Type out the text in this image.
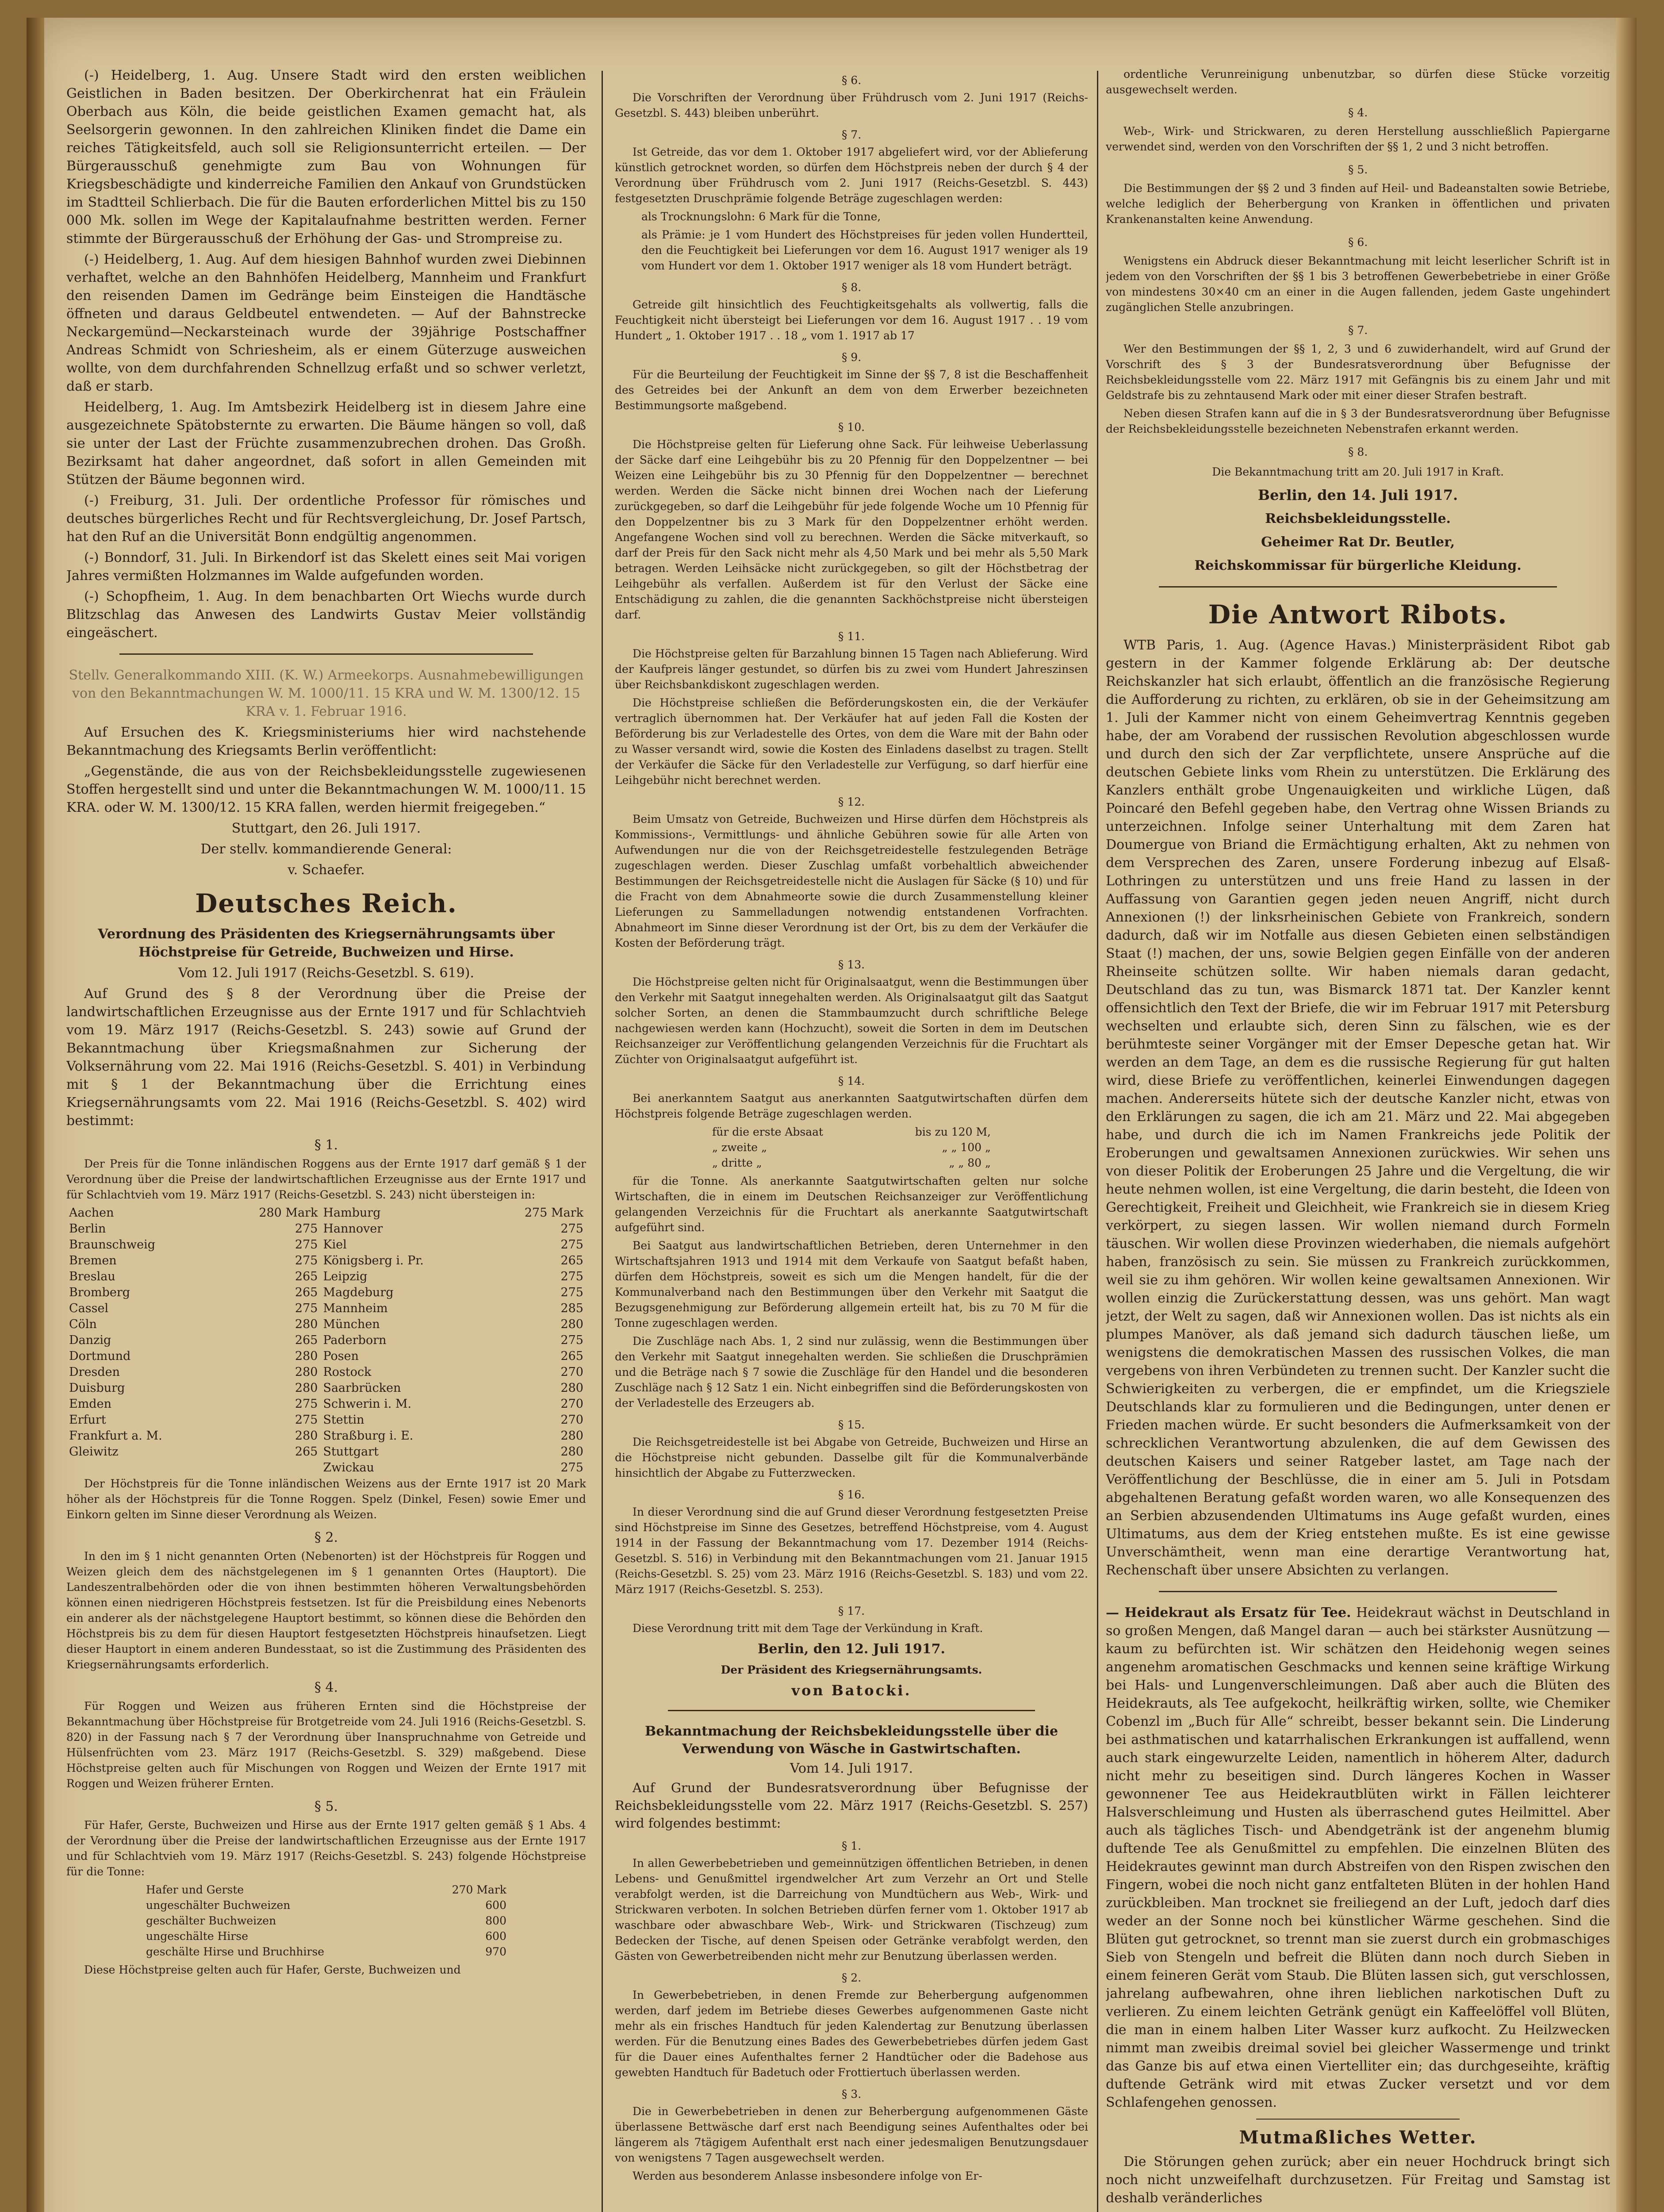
(-) Heidelberg, 1. Aug. Unsere Stadt wird den ersten weiblichen Geistlichen in Baden besitzen. Der Oberkirchenrat hat ein Fräulein Oberbach aus Köln, die beide geistlichen Examen gemacht hat, als Seelsorgerin gewonnen. In den zahlreichen Kliniken findet die Dame ein reiches Tätigkeitsfeld, auch soll sie Religionsunterricht erteilen. — Der Bürgerausschuß genehmigte zum Bau von Wohnungen für Kriegsbeschädigte und kinderreiche Familien den Ankauf von Grundstücken im Stadtteil Schlierbach. Die für die Bauten erforderlichen Mittel bis zu 150 000 Mk. sollen im Wege der Kapitalaufnahme bestritten werden. Ferner stimmte der Bürgerausschuß der Erhöhung der Gas- und Strompreise zu.

(-) Heidelberg, 1. Aug. Auf dem hiesigen Bahnhof wurden zwei Diebinnen verhaftet, welche an den Bahnhöfen Heidelberg, Mannheim und Frankfurt den reisenden Damen im Gedränge beim Einsteigen die Handtäsche öffneten und daraus Geldbeutel entwendeten. — Auf der Bahnstrecke Neckargemünd—Neckarsteinach wurde der 39jährige Postschaffner Andreas Schmidt von Schriesheim, als er einem Güterzuge ausweichen wollte, von dem durchfahrenden Schnellzug erfaßt und so schwer verletzt, daß er starb.

Heidelberg, 1. Aug. Im Amtsbezirk Heidelberg ist in diesem Jahre eine ausgezeichnete Spätobsternte zu erwarten. Die Bäume hängen so voll, daß sie unter der Last der Früchte zusammenzubrechen drohen. Das Großh. Bezirksamt hat daher angeordnet, daß sofort in allen Gemeinden mit Stützen der Bäume begonnen wird.

(-) Freiburg, 31. Juli. Der ordentliche Professor für römisches und deutsches bürgerliches Recht und für Rechtsvergleichung, Dr. Josef Partsch, hat den Ruf an die Universität Bonn endgültig angenommen.

(-) Bonndorf, 31. Juli. In Birkendorf ist das Skelett eines seit Mai vorigen Jahres vermißten Holzmannes im Walde aufgefunden worden.

(-) Schopfheim, 1. Aug. In dem benachbarten Ort Wiechs wurde durch Blitzschlag das Anwesen des Landwirts Gustav Meier vollständig eingeäschert.

Stellv. Generalkommando XIII. (K. W.) Armeekorps. Ausnahmebewilligungen von den Bekanntmachungen W. M. 1000/11. 15 KRA und W. M. 1300/12. 15 KRA v. 1. Februar 1916.

Auf Ersuchen des K. Kriegsministeriums hier wird nachstehende Bekanntmachung des Kriegsamts Berlin veröffentlicht:

„Gegenstände, die aus von der Reichsbekleidungsstelle zugewiesenen Stoffen hergestellt sind und unter die Bekanntmachungen W. M. 1000/11. 15 KRA. oder W. M. 1300/12. 15 KRA fallen, werden hiermit freigegeben.“

Stuttgart, den 26. Juli 1917.

Der stellv. kommandierende General:

v. Schaefer.

Deutsches Reich.
Verordnung des Präsidenten des Kriegsernährungsamts über Höchstpreise für Getreide, Buchweizen und Hirse.

Vom 12. Juli 1917 (Reichs-Gesetzbl. S. 619).

Auf Grund des § 8 der Verordnung über die Preise der landwirtschaftlichen Erzeugnisse aus der Ernte 1917 und für Schlachtvieh vom 19. März 1917 (Reichs-Gesetzbl. S. 243) sowie auf Grund der Bekanntmachung über Kriegsmaßnahmen zur Sicherung der Volksernährung vom 22. Mai 1916 (Reichs-Gesetzbl. S. 401) in Verbindung mit § 1 der Bekanntmachung über die Errichtung eines Kriegsernährungsamts vom 22. Mai 1916 (Reichs-Gesetzbl. S. 402) wird bestimmt:

§ 1.

Der Preis für die Tonne inländischen Roggens aus der Ernte 1917 darf gemäß § 1 der Verordnung über die Preise der landwirtschaftlichen Erzeugnisse aus der Ernte 1917 und für Schlachtvieh vom 19. März 1917 (Reichs-Gesetzbl. S. 243) nicht übersteigen in:

Aachen	280 Mark	Hamburg	275 Mark
Berlin	275	Hannover	275
Braunschweig	275	Kiel	275
Bremen	275	Königsberg i. Pr.	265
Breslau	265	Leipzig	275
Bromberg	265	Magdeburg	275
Cassel	275	Mannheim	285
Cöln	280	München	280
Danzig	265	Paderborn	275
Dortmund	280	Posen	265
Dresden	280	Rostock	270
Duisburg	280	Saarbrücken	280
Emden	275	Schwerin i. M.	270
Erfurt	275	Stettin	270
Frankfurt a. M.	280	Straßburg i. E.	280
Gleiwitz	265	Stuttgart	280
		Zwickau	275

Der Höchstpreis für die Tonne inländischen Weizens aus der Ernte 1917 ist 20 Mark höher als der Höchstpreis für die Tonne Roggen. Spelz (Dinkel, Fesen) sowie Emer und Einkorn gelten im Sinne dieser Verordnung als Weizen.

§ 2.

In den im § 1 nicht genannten Orten (Nebenorten) ist der Höchstpreis für Roggen und Weizen gleich dem des nächstgelegenen im § 1 genannten Ortes (Hauptort). Die Landeszentralbehörden oder die von ihnen bestimmten höheren Verwaltungsbehörden können einen niedrigeren Höchstpreis festsetzen. Ist für die Preisbildung eines Nebenorts ein anderer als der nächstgelegene Hauptort bestimmt, so können diese die Behörden den Höchstpreis bis zu dem für diesen Hauptort festgesetzten Höchstpreis hinaufsetzen. Liegt dieser Hauptort in einem anderen Bundesstaat, so ist die Zustimmung des Präsidenten des Kriegsernährungsamts erforderlich.

§ 4.

Für Roggen und Weizen aus früheren Ernten sind die Höchstpreise der Bekanntmachung über Höchstpreise für Brotgetreide vom 24. Juli 1916 (Reichs-Gesetzbl. S. 820) in der Fassung nach § 7 der Verordnung über Inanspruchnahme von Getreide und Hülsenfrüchten vom 23. März 1917 (Reichs-Gesetzbl. S. 329) maßgebend. Diese Höchstpreise gelten auch für Mischungen von Roggen und Weizen der Ernte 1917 mit Roggen und Weizen früherer Ernten.

§ 5.

Für Hafer, Gerste, Buchweizen und Hirse aus der Ernte 1917 gelten gemäß § 1 Abs. 4 der Verordnung über die Preise der landwirtschaftlichen Erzeugnisse aus der Ernte 1917 und für Schlachtvieh vom 19. März 1917 (Reichs-Gesetzbl. S. 243) folgende Höchstpreise für die Tonne:

Hafer und Gerste	270 Mark
ungeschälter Buchweizen	600
geschälter Buchweizen	800
ungeschälte Hirse	600
geschälte Hirse und Bruchhirse	970

Diese Höchstpreise gelten auch für Hafer, Gerste, Buchweizen und

§ 6.

Die Vorschriften der Verordnung über Frühdrusch vom 2. Juni 1917 (Reichs-Gesetzbl. S. 443) bleiben unberührt.

§ 7.

Ist Getreide, das vor dem 1. Oktober 1917 abgeliefert wird, vor der Ablieferung künstlich getrocknet worden, so dürfen dem Höchstpreis neben der durch § 4 der Verordnung über Frühdrusch vom 2. Juni 1917 (Reichs-Gesetzbl. S. 443) festgesetzten Druschprämie folgende Beträge zugeschlagen werden:

als Trocknungslohn: 6 Mark für die Tonne,

als Prämie: je 1 vom Hundert des Höchstpreises für jeden vollen Hundertteil, den die Feuchtigkeit bei Lieferungen vor dem 16. August 1917 weniger als 19 vom Hundert vor dem 1. Oktober 1917 weniger als 18 vom Hundert beträgt.

§ 8.

Getreide gilt hinsichtlich des Feuchtigkeitsgehalts als vollwertig, falls die Feuchtigkeit nicht übersteigt bei Lieferungen vor dem 16. August 1917 . . 19 vom Hundert „ 1. Oktober 1917 . . 18 „ vom 1. 1917 ab 17

§ 9.

Für die Beurteilung der Feuchtigkeit im Sinne der §§ 7, 8 ist die Beschaffenheit des Getreides bei der Ankunft an dem von dem Erwerber bezeichneten Bestimmungsorte maßgebend.

§ 10.

Die Höchstpreise gelten für Lieferung ohne Sack. Für leihweise Ueberlassung der Säcke darf eine Leihgebühr bis zu 20 Pfennig für den Doppelzentner — bei Weizen eine Leihgebühr bis zu 30 Pfennig für den Doppelzentner — berechnet werden. Werden die Säcke nicht binnen drei Wochen nach der Lieferung zurückgegeben, so darf die Leihgebühr für jede folgende Woche um 10 Pfennig für den Doppelzentner bis zu 3 Mark für den Doppelzentner erhöht werden. Angefangene Wochen sind voll zu berechnen. Werden die Säcke mitverkauft, so darf der Preis für den Sack nicht mehr als 4,50 Mark und bei mehr als 5,50 Mark betragen. Werden Leihsäcke nicht zurückgegeben, so gilt der Höchstbetrag der Leihgebühr als verfallen. Außerdem ist für den Verlust der Säcke eine Entschädigung zu zahlen, die die genannten Sackhöchstpreise nicht übersteigen darf.

§ 11.

Die Höchstpreise gelten für Barzahlung binnen 15 Tagen nach Ablieferung. Wird der Kaufpreis länger gestundet, so dürfen bis zu zwei vom Hundert Jahreszinsen über Reichsbankdiskont zugeschlagen werden.

Die Höchstpreise schließen die Beförderungskosten ein, die der Verkäufer vertraglich übernommen hat. Der Verkäufer hat auf jeden Fall die Kosten der Beförderung bis zur Verladestelle des Ortes, von dem die Ware mit der Bahn oder zu Wasser versandt wird, sowie die Kosten des Einladens daselbst zu tragen. Stellt der Verkäufer die Säcke für den Verladestelle zur Verfügung, so darf hierfür eine Leihgebühr nicht berechnet werden.

§ 12.

Beim Umsatz von Getreide, Buchweizen und Hirse dürfen dem Höchstpreis als Kommissions-, Vermittlungs- und ähnliche Gebühren sowie für alle Arten von Aufwendungen nur die von der Reichsgetreidestelle festzulegenden Beträge zugeschlagen werden. Dieser Zuschlag umfaßt vorbehaltlich abweichender Bestimmungen der Reichsgetreidestelle nicht die Auslagen für Säcke (§ 10) und für die Fracht von dem Abnahmeorte sowie die durch Zusammenstellung kleiner Lieferungen zu Sammelladungen notwendig entstandenen Vorfrachten. Abnahmeort im Sinne dieser Verordnung ist der Ort, bis zu dem der Verkäufer die Kosten der Beförderung trägt.

§ 13.

Die Höchstpreise gelten nicht für Originalsaatgut, wenn die Bestimmungen über den Verkehr mit Saatgut innegehalten werden. Als Originalsaatgut gilt das Saatgut solcher Sorten, an denen die Stammbaumzucht durch schriftliche Belege nachgewiesen werden kann (Hochzucht), soweit die Sorten in dem im Deutschen Reichsanzeiger zur Veröffentlichung gelangenden Verzeichnis für die Fruchtart als Züchter von Originalsaatgut aufgeführt ist.

§ 14.

Bei anerkanntem Saatgut aus anerkannten Saatgutwirtschaften dürfen dem Höchstpreis folgende Beträge zugeschlagen werden.

für die erste Absaat	bis zu 120 M,
„ zweite „	„ „ 100 „
„ dritte „	„ „ 80 „

für die Tonne. Als anerkannte Saatgutwirtschaften gelten nur solche Wirtschaften, die in einem im Deutschen Reichsanzeiger zur Veröffentlichung gelangenden Verzeichnis für die Fruchtart als anerkannte Saatgutwirtschaft aufgeführt sind.

Bei Saatgut aus landwirtschaftlichen Betrieben, deren Unternehmer in den Wirtschaftsjahren 1913 und 1914 mit dem Verkaufe von Saatgut befaßt haben, dürfen dem Höchstpreis, soweit es sich um die Mengen handelt, für die der Kommunalverband nach den Bestimmungen über den Verkehr mit Saatgut die Bezugsgenehmigung zur Beförderung allgemein erteilt hat, bis zu 70 M für die Tonne zugeschlagen werden.

Die Zuschläge nach Abs. 1, 2 sind nur zulässig, wenn die Bestimmungen über den Verkehr mit Saatgut innegehalten werden. Sie schließen die Druschprämien und die Beträge nach § 7 sowie die Zuschläge für den Handel und die besonderen Zuschläge nach § 12 Satz 1 ein. Nicht einbegriffen sind die Beförderungskosten von der Verladestelle des Erzeugers ab.

§ 15.

Die Reichsgetreidestelle ist bei Abgabe von Getreide, Buchweizen und Hirse an die Höchstpreise nicht gebunden. Dasselbe gilt für die Kommunalverbände hinsichtlich der Abgabe zu Futterzwecken.

§ 16.

In dieser Verordnung sind die auf Grund dieser Verordnung festgesetzten Preise sind Höchstpreise im Sinne des Gesetzes, betreffend Höchstpreise, vom 4. August 1914 in der Fassung der Bekanntmachung vom 17. Dezember 1914 (Reichs-Gesetzbl. S. 516) in Verbindung mit den Bekanntmachungen vom 21. Januar 1915 (Reichs-Gesetzbl. S. 25) vom 23. März 1916 (Reichs-Gesetzbl. S. 183) und vom 22. März 1917 (Reichs-Gesetzbl. S. 253).

§ 17.

Diese Verordnung tritt mit dem Tage der Verkündung in Kraft.

Berlin, den 12. Juli 1917.

Der Präsident des Kriegsernährungsamts.

von Batocki.

Bekanntmachung der Reichsbekleidungsstelle über die Verwendung von Wäsche in Gastwirtschaften.

Vom 14. Juli 1917.

Auf Grund der Bundesratsverordnung über Befugnisse der Reichsbekleidungsstelle vom 22. März 1917 (Reichs-Gesetzbl. S. 257) wird folgendes bestimmt:

§ 1.

In allen Gewerbebetrieben und gemeinnützigen öffentlichen Betrieben, in denen Lebens- und Genußmittel irgendwelcher Art zum Verzehr an Ort und Stelle verabfolgt werden, ist die Darreichung von Mundtüchern aus Web-, Wirk- und Strickwaren verboten. In solchen Betrieben dürfen ferner vom 1. Oktober 1917 ab waschbare oder abwaschbare Web-, Wirk- und Strickwaren (Tischzeug) zum Bedecken der Tische, auf denen Speisen oder Getränke verabfolgt werden, den Gästen von Gewerbetreibenden nicht mehr zur Benutzung überlassen werden.

§ 2.

In Gewerbebetrieben, in denen Fremde zur Beherbergung aufgenommen werden, darf jedem im Betriebe dieses Gewerbes aufgenommenen Gaste nicht mehr als ein frisches Handtuch für jeden Kalendertag zur Benutzung überlassen werden. Für die Benutzung eines Bades des Gewerbebetriebes dürfen jedem Gast für die Dauer eines Aufenthaltes ferner 2 Handtücher oder die Badehose aus gewebten Handtuch für Badetuch oder Frottiertuch überlassen werden.

§ 3.

Die in Gewerbebetrieben in denen zur Beherbergung aufgenommenen Gäste überlassene Bettwäsche darf erst nach Beendigung seines Aufenthaltes oder bei längerem als 7tägigem Aufenthalt erst nach einer jedesmaligen Benutzungsdauer von wenigstens 7 Tagen ausgewechselt werden.

Werden aus besonderem Anlasse insbesondere infolge von Er-

ordentliche Verunreinigung unbenutzbar, so dürfen diese Stücke vorzeitig ausgewechselt werden.

§ 4.

Web-, Wirk- und Strickwaren, zu deren Herstellung ausschließlich Papiergarne verwendet sind, werden von den Vorschriften der §§ 1, 2 und 3 nicht betroffen.

§ 5.

Die Bestimmungen der §§ 2 und 3 finden auf Heil- und Badeanstalten sowie Betriebe, welche lediglich der Beherbergung von Kranken in öffentlichen und privaten Krankenanstalten keine Anwendung.

§ 6.

Wenigstens ein Abdruck dieser Bekanntmachung mit leicht leserlicher Schrift ist in jedem von den Vorschriften der §§ 1 bis 3 betroffenen Gewerbebetriebe in einer Größe von mindestens 30×40 cm an einer in die Augen fallenden, jedem Gaste ungehindert zugänglichen Stelle anzubringen.

§ 7.

Wer den Bestimmungen der §§ 1, 2, 3 und 6 zuwiderhandelt, wird auf Grund der Vorschrift des § 3 der Bundesratsverordnung über Befugnisse der Reichsbekleidungsstelle vom 22. März 1917 mit Gefängnis bis zu einem Jahr und mit Geldstrafe bis zu zehntausend Mark oder mit einer dieser Strafen bestraft.

Neben diesen Strafen kann auf die in § 3 der Bundesratsverordnung über Befugnisse der Reichsbekleidungsstelle bezeichneten Nebenstrafen erkannt werden.

§ 8.

Die Bekanntmachung tritt am 20. Juli 1917 in Kraft.

Berlin, den 14. Juli 1917.

Reichsbekleidungsstelle.

Geheimer Rat Dr. Beutler,

Reichskommissar für bürgerliche Kleidung.

Die Antwort Ribots.

WTB Paris, 1. Aug. (Agence Havas.) Ministerpräsident Ribot gab gestern in der Kammer folgende Erklärung ab: Der deutsche Reichskanzler hat sich erlaubt, öffentlich an die französische Regierung die Aufforderung zu richten, zu erklären, ob sie in der Geheimsitzung am 1. Juli der Kammer nicht von einem Geheimvertrag Kenntnis gegeben habe, der am Vorabend der russischen Revolution abgeschlossen wurde und durch den sich der Zar verpflichtete, unsere Ansprüche auf die deutschen Gebiete links vom Rhein zu unterstützen. Die Erklärung des Kanzlers enthält grobe Ungenauigkeiten und wirkliche Lügen, daß Poincaré den Befehl gegeben habe, den Vertrag ohne Wissen Briands zu unterzeichnen. Infolge seiner Unterhaltung mit dem Zaren hat Doumergue von Briand die Ermächtigung erhalten, Akt zu nehmen von dem Versprechen des Zaren, unsere Forderung inbezug auf Elsaß-Lothringen zu unterstützen und uns freie Hand zu lassen in der Auffassung von Garantien gegen jeden neuen Angriff, nicht durch Annexionen (!) der linksrheinischen Gebiete von Frankreich, sondern dadurch, daß wir im Notfalle aus diesen Gebieten einen selbständigen Staat (!) machen, der uns, sowie Belgien gegen Einfälle von der anderen Rheinseite schützen sollte. Wir haben niemals daran gedacht, Deutschland das zu tun, was Bismarck 1871 tat. Der Kanzler kennt offensichtlich den Text der Briefe, die wir im Februar 1917 mit Petersburg wechselten und erlaubte sich, deren Sinn zu fälschen, wie es der berühmteste seiner Vorgänger mit der Emser Depesche getan hat. Wir werden an dem Tage, an dem es die russische Regierung für gut halten wird, diese Briefe zu veröffentlichen, keinerlei Einwendungen dagegen machen. Andererseits hütete sich der deutsche Kanzler nicht, etwas von den Erklärungen zu sagen, die ich am 21. März und 22. Mai abgegeben habe, und durch die ich im Namen Frankreichs jede Politik der Eroberungen und gewaltsamen Annexionen zurückwies. Wir sehen uns von dieser Politik der Eroberungen 25 Jahre und die Vergeltung, die wir heute nehmen wollen, ist eine Vergeltung, die darin besteht, die Ideen von Gerechtigkeit, Freiheit und Gleichheit, wie Frankreich sie in diesem Krieg verkörpert, zu siegen lassen. Wir wollen niemand durch Formeln täuschen. Wir wollen diese Provinzen wiederhaben, die niemals aufgehört haben, französisch zu sein. Sie müssen zu Frankreich zurückkommen, weil sie zu ihm gehören. Wir wollen keine gewaltsamen Annexionen. Wir wollen einzig die Zurückerstattung dessen, was uns gehört. Man wagt jetzt, der Welt zu sagen, daß wir Annexionen wollen. Das ist nichts als ein plumpes Manöver, als daß jemand sich dadurch täuschen ließe, um wenigstens die demokratischen Massen des russischen Volkes, die man vergebens von ihren Verbündeten zu trennen sucht. Der Kanzler sucht die Schwierigkeiten zu verbergen, die er empfindet, um die Kriegsziele Deutschlands klar zu formulieren und die Bedingungen, unter denen er Frieden machen würde. Er sucht besonders die Aufmerksamkeit von der schrecklichen Verantwortung abzulenken, die auf dem Gewissen des deutschen Kaisers und seiner Ratgeber lastet, am Tage nach der Veröffentlichung der Beschlüsse, die in einer am 5. Juli in Potsdam abgehaltenen Beratung gefaßt worden waren, wo alle Konsequenzen des an Serbien abzusendenden Ultimatums ins Auge gefaßt wurden, eines Ultimatums, aus dem der Krieg entstehen mußte. Es ist eine gewisse Unverschämtheit, wenn man eine derartige Verantwortung hat, Rechenschaft über unsere Absichten zu verlangen.

— Heidekraut als Ersatz für Tee. Heidekraut wächst in Deutschland in so großen Mengen, daß Mangel daran — auch bei stärkster Ausnützung — kaum zu befürchten ist. Wir schätzen den Heidehonig wegen seines angenehm aromatischen Geschmacks und kennen seine kräftige Wirkung bei Hals- und Lungenverschleimungen. Daß aber auch die Blüten des Heidekrauts, als Tee aufgekocht, heilkräftig wirken, sollte, wie Chemiker Cobenzl im „Buch für Alle“ schreibt, besser bekannt sein. Die Linderung bei asthmatischen und katarrhalischen Erkrankungen ist auffallend, wenn auch stark eingewurzelte Leiden, namentlich in höherem Alter, dadurch nicht mehr zu beseitigen sind. Durch längeres Kochen in Wasser gewonnener Tee aus Heidekrautblüten wirkt in Fällen leichterer Halsverschleimung und Husten als überraschend gutes Heilmittel. Aber auch als tägliches Tisch- und Abendgetränk ist der angenehm blumig duftende Tee als Genußmittel zu empfehlen. Die einzelnen Blüten des Heidekrautes gewinnt man durch Abstreifen von den Rispen zwischen den Fingern, wobei die noch nicht ganz entfalteten Blüten in der hohlen Hand zurückbleiben. Man trocknet sie freiliegend an der Luft, jedoch darf dies weder an der Sonne noch bei künstlicher Wärme geschehen. Sind die Blüten gut getrocknet, so trennt man sie zuerst durch ein grobmaschiges Sieb von Stengeln und befreit die Blüten dann noch durch Sieben in einem feineren Gerät vom Staub. Die Blüten lassen sich, gut verschlossen, jahrelang aufbewahren, ohne ihren lieblichen narkotischen Duft zu verlieren. Zu einem leichten Getränk genügt ein Kaffeelöffel voll Blüten, die man in einem halben Liter Wasser kurz aufkocht. Zu Heilzwecken nimmt man zweibis dreimal soviel bei gleicher Wassermenge und trinkt das Ganze bis auf etwa einen Viertelliter ein; das durchgeseihte, kräftig duftende Getränk wird mit etwas Zucker versetzt und vor dem Schlafengehen genossen.

Mutmaßliches Wetter.

Die Störungen gehen zurück; aber ein neuer Hochdruck bringt sich noch nicht unzweifelhaft durchzusetzen. Für Freitag und Samstag ist deshalb veränderliches
